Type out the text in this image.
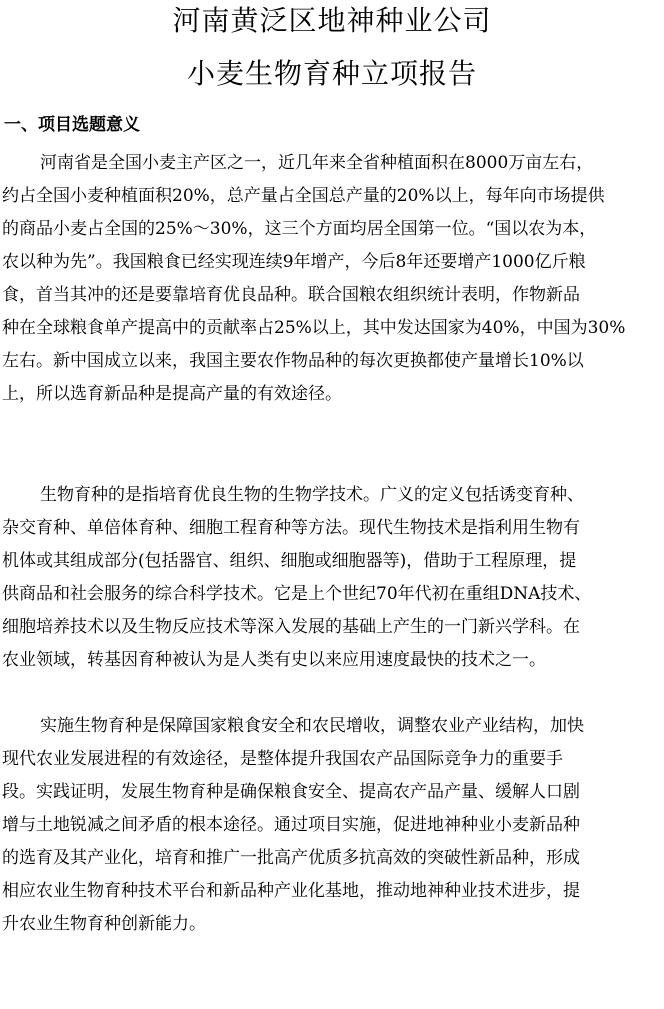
河南黄泛区地神种业公司
小麦生物育种立项报告
一、项目选题意义
河南省是全国小麦主产区之一，近几年来全省种植面积在8000万亩左右，
约占全国小麦种植面积20%，总产量占全国总产量的20%以上，每年向市场提供
的商品小麦占全国的25%～30%，这三个方面均居全国第一位。“国以农为本，
农以种为先”。我国粮食已经实现连续9年增产，今后8年还要增产1000亿斤粮
食，首当其冲的还是要靠培育优良品种。联合国粮农组织统计表明，作物新品
种在全球粮食单产提高中的贡献率占25%以上，其中发达国家为40%，中国为30%
左右。新中国成立以来，我国主要农作物品种的每次更换都使产量增长10%以
上，所以选育新品种是提高产量的有效途径。
生物育种的是指培育优良生物的生物学技术。广义的定义包括诱变育种、
杂交育种、单倍体育种、细胞工程育种等方法。现代生物技术是指利用生物有
机体或其组成部分(包括器官、组织、细胞或细胞器等)，借助于工程原理，提
供商品和社会服务的综合科学技术。它是上个世纪70年代初在重组DNA技术、
细胞培养技术以及生物反应技术等深入发展的基础上产生的一门新兴学科。在
农业领域，转基因育种被认为是人类有史以来应用速度最快的技术之一。
实施生物育种是保障国家粮食安全和农民增收，调整农业产业结构，加快
现代农业发展进程的有效途径，是整体提升我国农产品国际竞争力的重要手
段。实践证明，发展生物育种是确保粮食安全、提高农产品产量、缓解人口剧
增与土地锐减之间矛盾的根本途径。通过项目实施，促进地神种业小麦新品种
的选育及其产业化，培育和推广一批高产优质多抗高效的突破性新品种，形成
相应农业生物育种技术平台和新品种产业化基地，推动地神种业技术进步，提
升农业生物育种创新能力。
